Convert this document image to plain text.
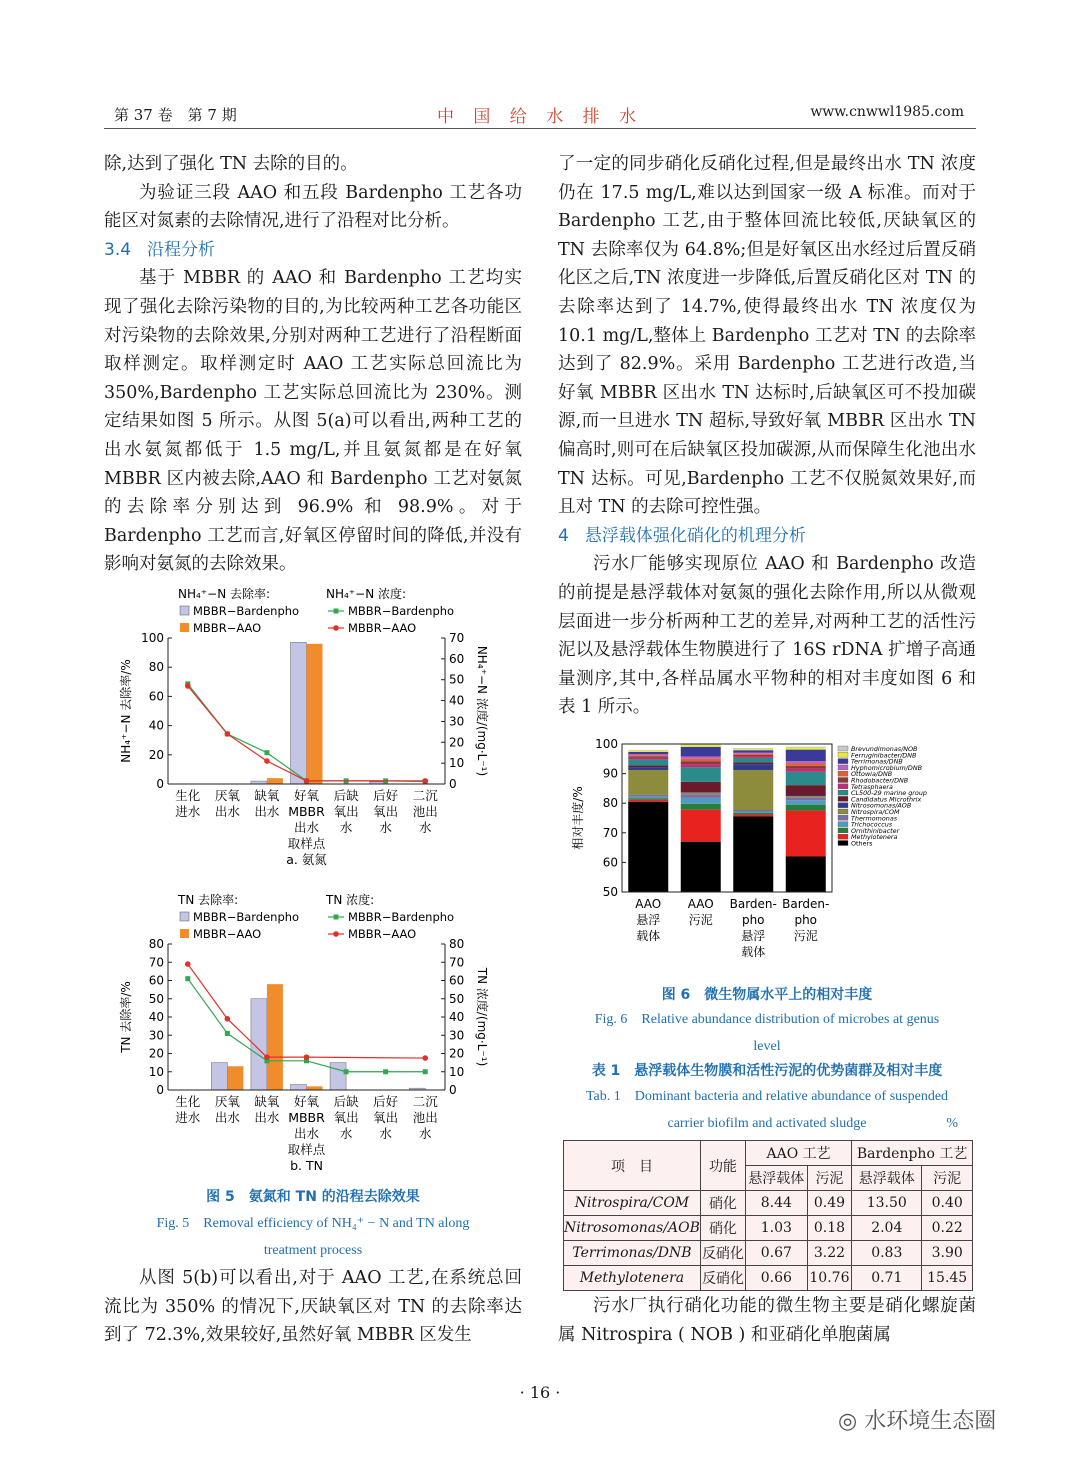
第 37 卷　第 7 期	中 国 给 水 排 水	www.cnwwl1985.com

除,达到了强化 TN 去除的目的。

为验证三段 AAO 和五段 Bardenpho 工艺各功能区对氮素的去除情况,进行了沿程对比分析。

3.4 沿程分析

基于 MBBR 的 AAO 和 Bardenpho 工艺均实现了强化去除污染物的目的,为比较两种工艺各功能区对污染物的去除效果,分别对两种工艺进行了沿程断面取样测定。取样测定时 AAO 工艺实际总回流比为 350%,Bardenpho 工艺实际总回流比为 230%。测定结果如图 5 所示。从图 5(a)可以看出,两种工艺的出水氨氮都低于 1.5 mg/L,并且氨氮都是在好氧 MBBR 区内被去除,AAO 和 Bardenpho 工艺对氨氮的去除率分别达到 96.9% 和 98.9%。对于 Bardenpho 工艺而言,好氧区停留时间的降低,并没有影响对氨氮的去除效果。

NH₄⁺−N 去除率:	NH₄⁺−N 浓度:
MBBR−Bardenpho
MBBR−AAO
MBBR−Bardenpho
MBBR−AAO
0
20
40
60
80
100
0
10
20
30
40
50
60
70
NH₄⁺−N 去除率/%	NH₄⁺−N 浓度/(mg·L⁻¹)
生化
进水
厌氧
出水
缺氧
出水
好氧
MBBR
出水
后缺
氧出
水
后好
氧出
水
二沉
池出
水
取样点
a. 氨氮
TN 去除率:	TN 浓度:
MBBR−Bardenpho
MBBR−AAO
MBBR−Bardenpho
MBBR−AAO
0
10
20
30
40
50
60
70
80
0
10
20
30
40
50
60
70
80
TN 去除率/%	TN 浓度/(mg·L⁻¹)
生化
进水
厌氧
出水
缺氧
出水
好氧
MBBR
出水
后缺
氧出
水
后好
氧出
水
二沉
池出
水
取样点
b. TN
图 5　氨氮和 TN 的沿程去除效果
Fig. 5　Removal efficiency of NH₄⁺ − N and TN along
treatment process

从图 5(b)可以看出,对于 AAO 工艺,在系统总回流比为 350% 的情况下,厌缺氧区对 TN 的去除率达到了 72.3%,效果较好,虽然好氧 MBBR 区发生

了一定的同步硝化反硝化过程,但是最终出水 TN 浓度仍在 17.5 mg/L,难以达到国家一级 A 标准。而对于 Bardenpho 工艺,由于整体回流比较低,厌缺氧区的 TN 去除率仅为 64.8%;但是好氧区出水经过后置反硝化区之后,TN 浓度进一步降低,后置反硝化区对 TN 的去除率达到了 14.7%,使得最终出水 TN 浓度仅为 10.1 mg/L,整体上 Bardenpho 工艺对 TN 的去除率达到了 82.9%。采用 Bardenpho 工艺进行改造,当好氧 MBBR 区出水 TN 达标时,后缺氧区可不投加碳源,而一旦进水 TN 超标,导致好氧 MBBR 区出水 TN 偏高时,则可在后缺氧区投加碳源,从而保障生化池出水 TN 达标。可见,Bardenpho 工艺不仅脱氮效果好,而且对 TN 的去除可控性强。

4 悬浮载体强化硝化的机理分析

污水厂能够实现原位 AAO 和 Bardenpho 改造的前提是悬浮载体对氨氮的强化去除作用,所以从微观层面进一步分析两种工艺的差异,对两种工艺的活性污泥以及悬浮载体生物膜进行了 16S rDNA 扩增子高通量测序,其中,各样品属水平物种的相对丰度如图 6 和表 1 所示。

50
60
70
80
90
100
相对丰度/%
AAO
悬浮
载体
AAO
污泥
Barden-
pho
悬浮
载体
Barden-
pho
污泥
Brevundimonas/NOB
Ferruginibacter/DNB
Terrimonas/DNB
Hyphomicrobium/DNB
Ottowia/DNB
Rhodobacter/DNB
Tetrasphaera
CL500-29 marine group
Candidatus Microthrix
Nitrosomonas/AOB
Nitrospira/COM
Thermomonas
Trichococcus
Ornithinibacter
Methylotenera
Others
图 6　微生物属水平上的相对丰度
Fig. 6　Relative abundance distribution of microbes at genus
level
表 1　悬浮载体生物膜和活性污泥的优势菌群及相对丰度
Tab. 1　Dominant bacteria and relative abundance of suspended
carrier biofilm and activated sludge	%
项　目	功能	AAO 工艺		Bardenpho 工艺	
		悬浮载体	污泥	悬浮载体	污泥
Nitrospira/COM	硝化	8.44	0.49	13.50	0.40
Nitrosomonas/AOB	硝化	1.03	0.18	2.04	0.22
Terrimonas/DNB	反硝化	0.67	3.22	0.83	3.90
Methylotenera	反硝化	0.66	10.76	0.71	15.45

污水厂执行硝化功能的微生物主要是硝化螺旋菌属 Nitrospira ( NOB ) 和亚硝化单胞菌属

· 16 ·
◎ 水环境生态圈
